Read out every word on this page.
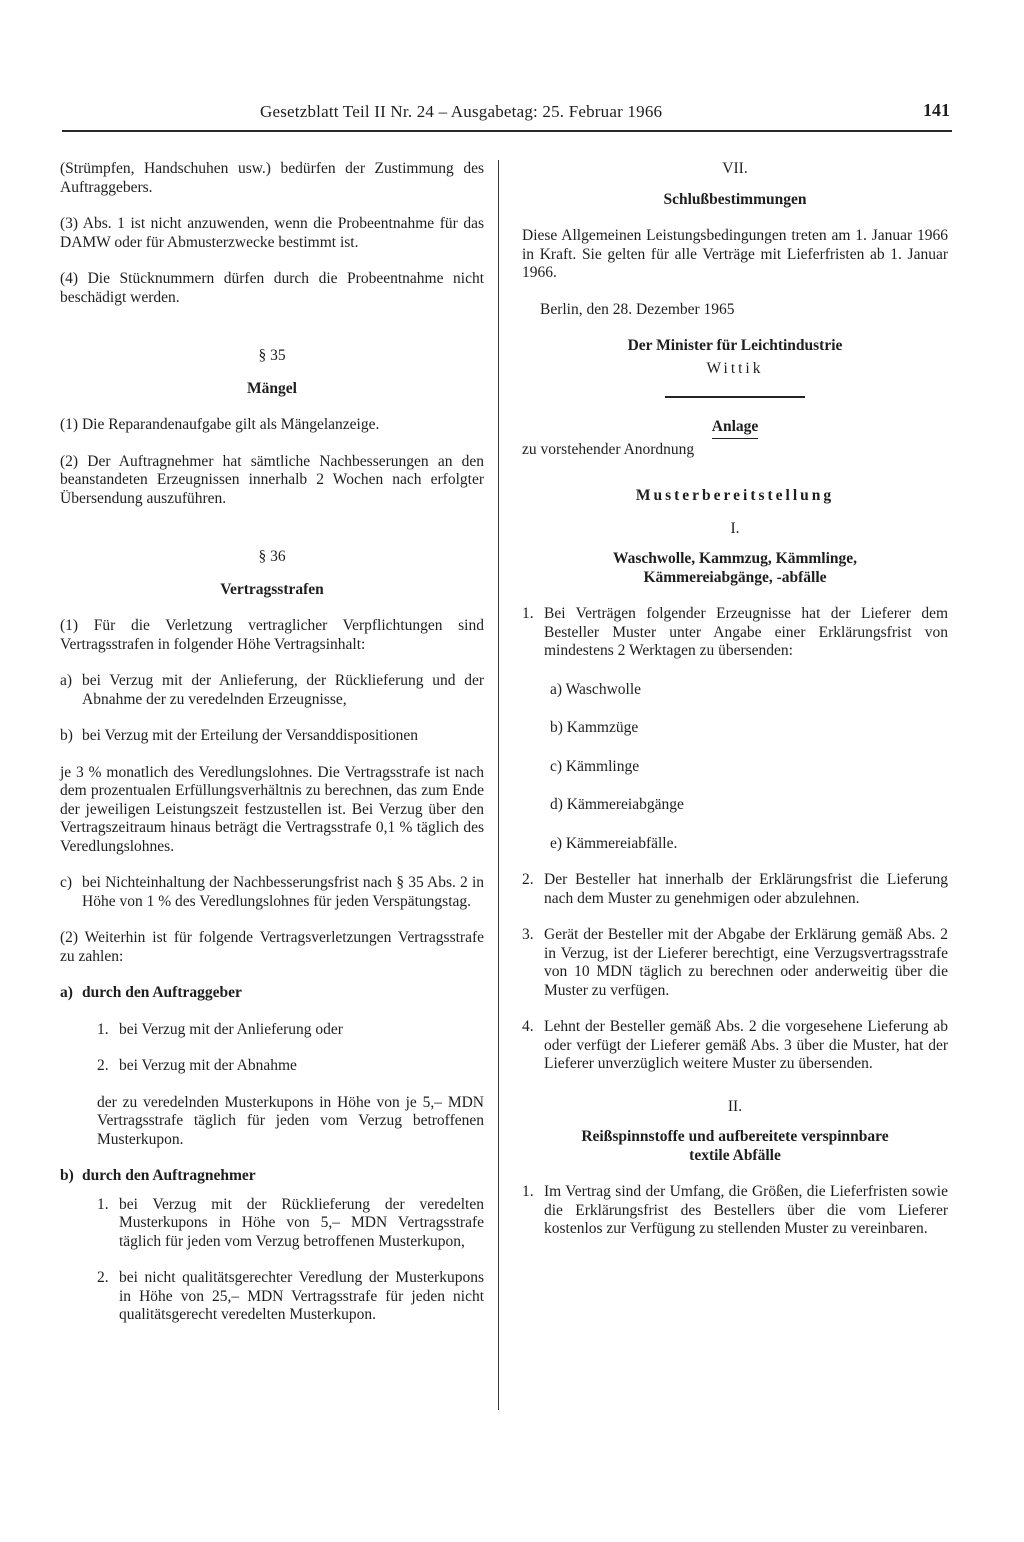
Gesetzblatt Teil II Nr. 24 – Ausgabetag: 25. Februar 1966	141

(Strümpfen, Handschuhen usw.) bedürfen der Zustimmung des Auftraggebers.

(3) Abs. 1 ist nicht anzuwenden, wenn die Probeentnahme für das DAMW oder für Abmusterzwecke bestimmt ist.

(4) Die Stücknummern dürfen durch die Probeentnahme nicht beschädigt werden.

§ 35

Mängel

(1) Die Reparandenaufgabe gilt als Mängelanzeige.

(2) Der Auftragnehmer hat sämtliche Nachbesserungen an den beanstandeten Erzeugnissen innerhalb 2 Wochen nach erfolgter Übersendung auszuführen.

§ 36

Vertragsstrafen

(1) Für die Verletzung vertraglicher Verpflichtungen sind Vertragsstrafen in folgender Höhe Vertragsinhalt:

a) bei Verzug mit der Anlieferung, der Rücklieferung und der Abnahme der zu veredelnden Erzeugnisse,
b) bei Verzug mit der Erteilung der Versanddispositionen

je 3 % monatlich des Veredlungslohnes. Die Vertragsstrafe ist nach dem prozentualen Erfüllungsverhältnis zu berechnen, das zum Ende der jeweiligen Leistungszeit festzustellen ist. Bei Verzug über den Vertragszeitraum hinaus beträgt die Vertragsstrafe 0,1 % täglich des Veredlungslohnes.

c) bei Nichteinhaltung der Nachbesserungsfrist nach § 35 Abs. 2 in Höhe von 1 % des Veredlungslohnes für jeden Verspätungstag.

(2) Weiterhin ist für folgende Vertragsverletzungen Vertragsstrafe zu zahlen:

a) durch den Auftraggeber
1. bei Verzug mit der Anlieferung oder
2. bei Verzug mit der Abnahme

der zu veredelnden Musterkupons in Höhe von je 5,– MDN Vertragsstrafe täglich für jeden vom Verzug betroffenen Musterkupon.

b) durch den Auftragnehmer
1. bei Verzug mit der Rücklieferung der veredelten Musterkupons in Höhe von 5,– MDN Vertragsstrafe täglich für jeden vom Verzug betroffenen Musterkupon,
2. bei nicht qualitätsgerechter Veredlung der Musterkupons in Höhe von 25,– MDN Vertragsstrafe für jeden nicht qualitätsgerecht veredelten Musterkupon.

VII.

Schlußbestimmungen

Diese Allgemeinen Leistungsbedingungen treten am 1. Januar 1966 in Kraft. Sie gelten für alle Verträge mit Lieferfristen ab 1. Januar 1966.

Berlin, den 28. Dezember 1965

Der Minister für Leichtindustrie

Wittik

Anlage

zu vorstehender Anordnung

Musterbereitstellung

I.

Waschwolle, Kammzug, Kämmlinge,

Kämmereiabgänge, -abfälle

1. Bei Verträgen folgender Erzeugnisse hat der Lieferer dem Besteller Muster unter Angabe einer Erklärungsfrist von mindestens 2 Werktagen zu übersenden:

a) Waschwolle

b) Kammzüge

c) Kämmlinge

d) Kämmereiabgänge

e) Kämmereiabfälle.

2. Der Besteller hat innerhalb der Erklärungsfrist die Lieferung nach dem Muster zu genehmigen oder abzulehnen.
3. Gerät der Besteller mit der Abgabe der Erklärung gemäß Abs. 2 in Verzug, ist der Lieferer berechtigt, eine Verzugsvertragsstrafe von 10 MDN täglich zu berechnen oder anderweitig über die Muster zu verfügen.
4. Lehnt der Besteller gemäß Abs. 2 die vorgesehene Lieferung ab oder verfügt der Lieferer gemäß Abs. 3 über die Muster, hat der Lieferer unverzüglich weitere Muster zu übersenden.

II.

Reißspinnstoffe und aufbereitete verspinnbare

textile Abfälle

1. Im Vertrag sind der Umfang, die Größen, die Lieferfristen sowie die Erklärungsfrist des Bestellers über die vom Lieferer kostenlos zur Verfügung zu stellenden Muster zu vereinbaren.
